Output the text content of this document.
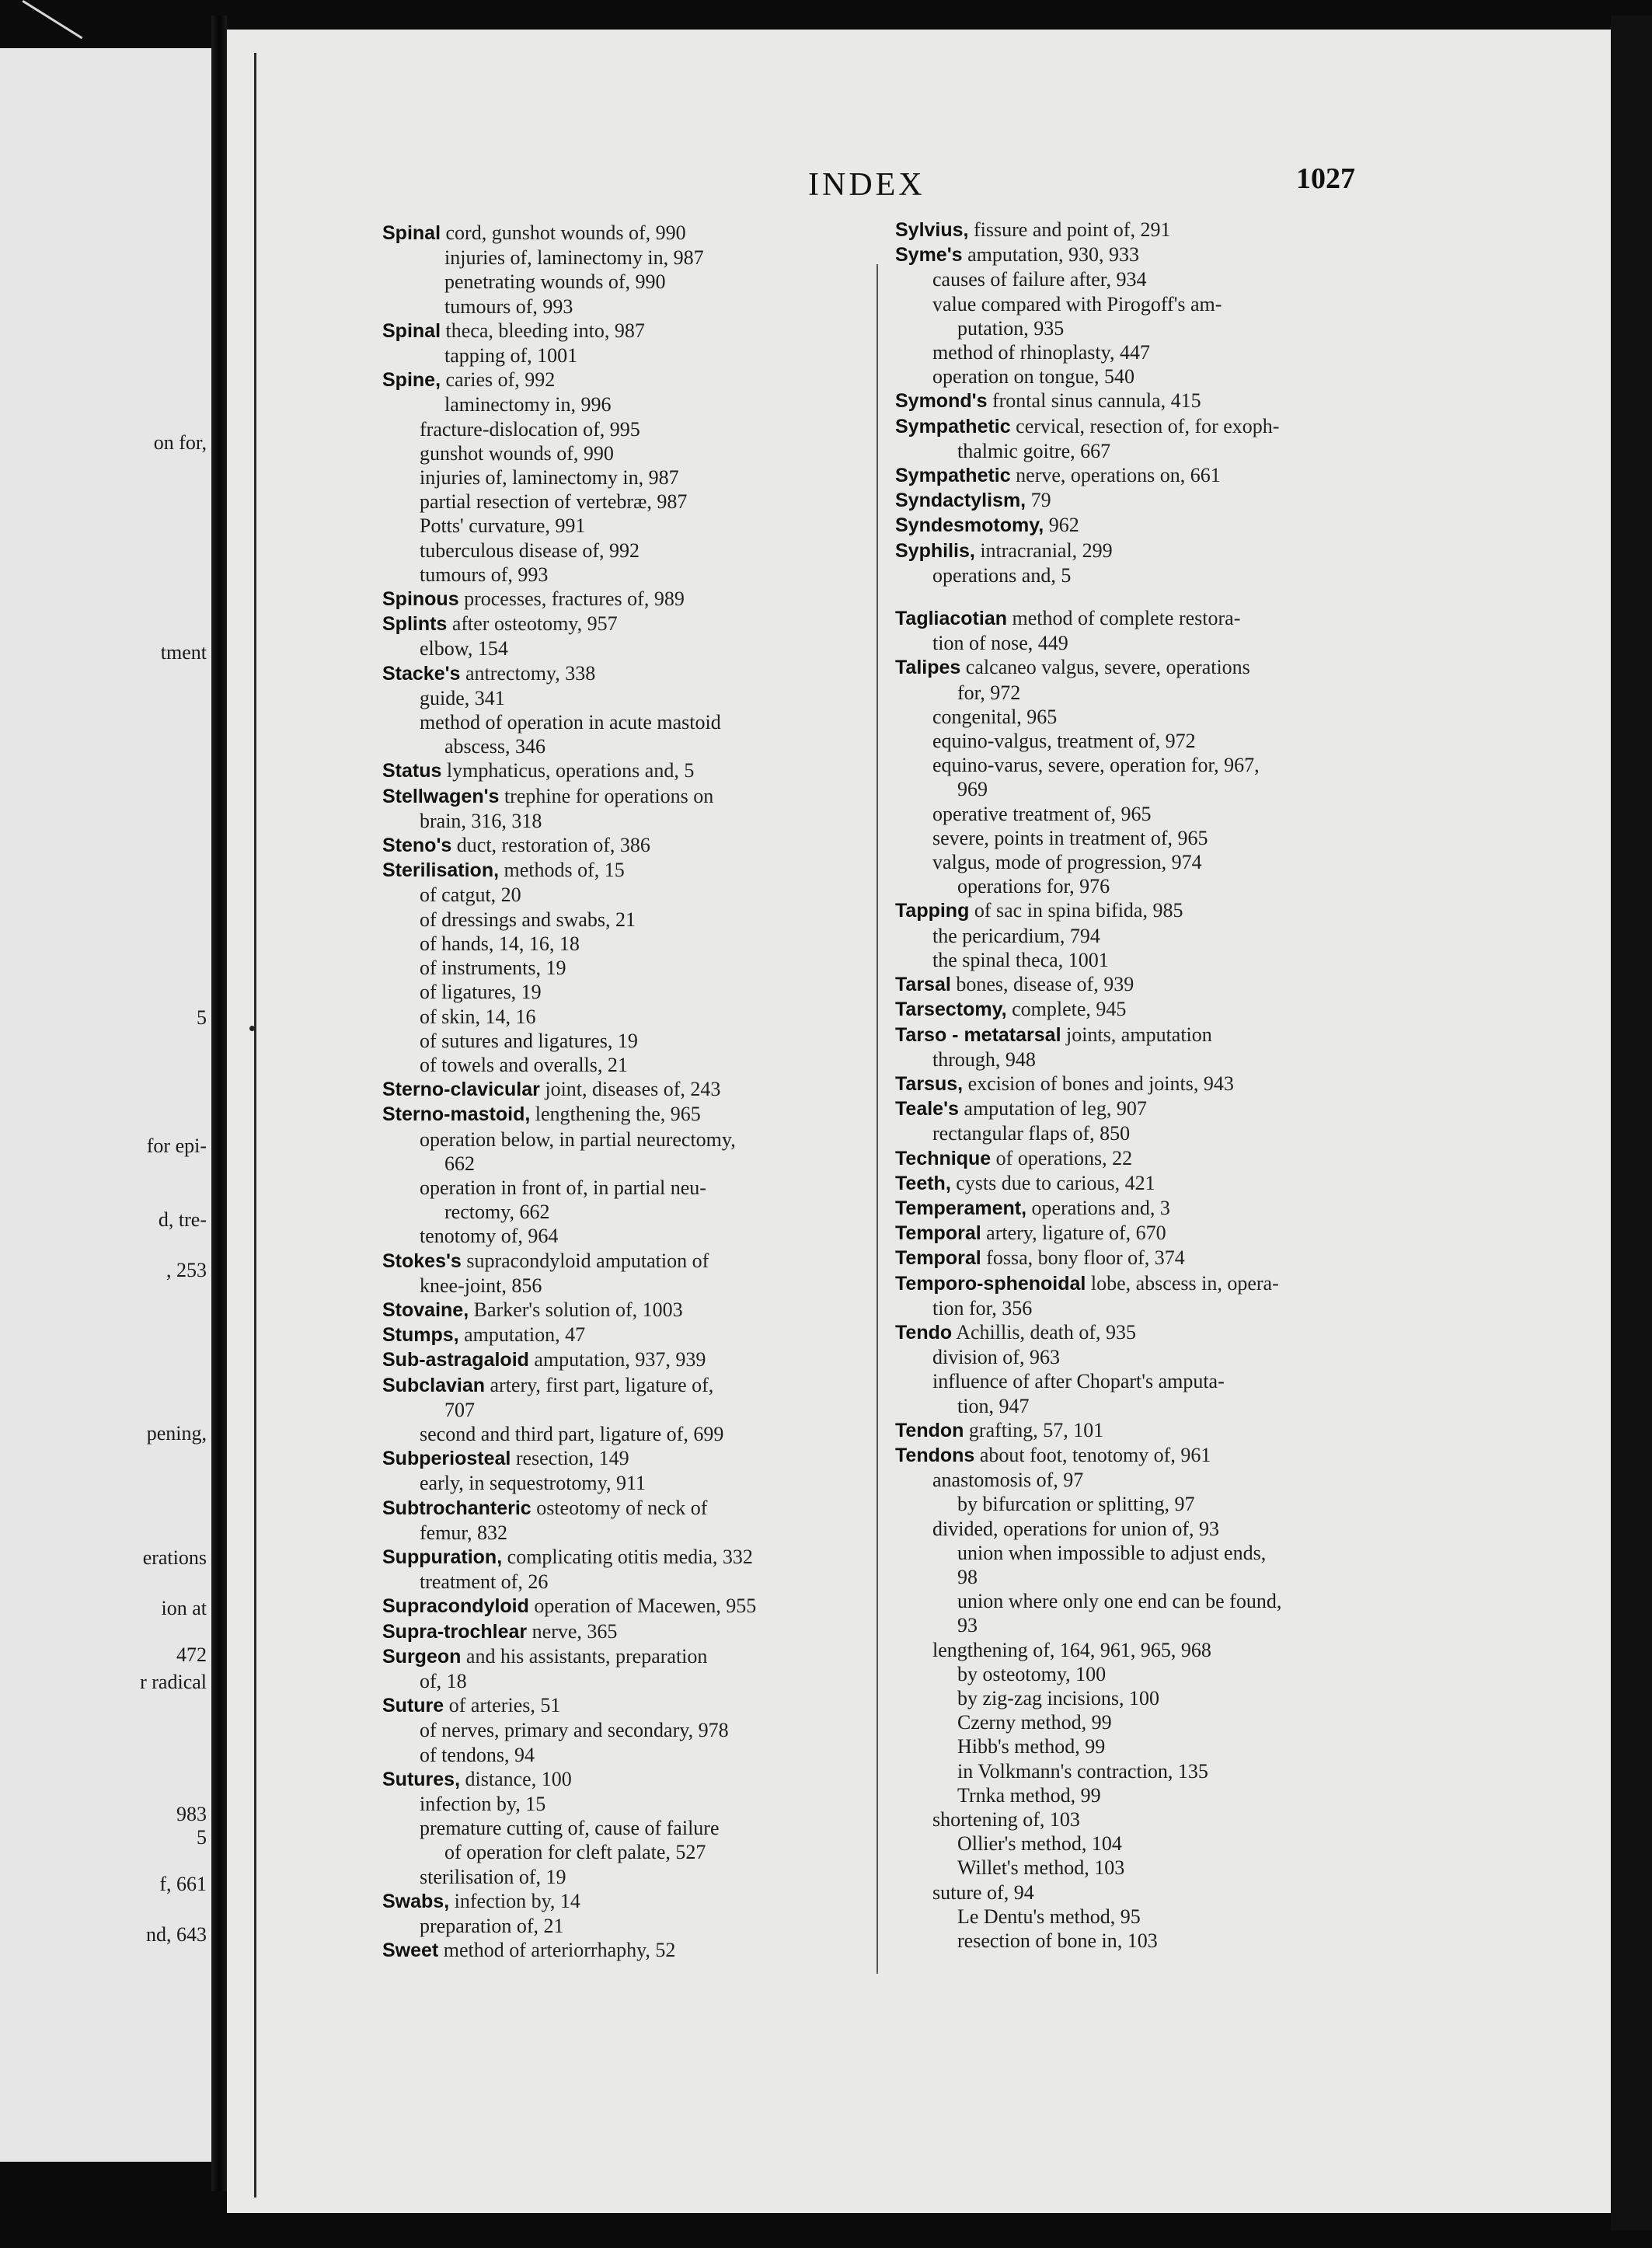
on for,
tment
5
for epi-
d, tre-
, 253
pening,
erations
ion at
472
r radical
983
5
f, 661
nd, 643
INDEX	1027
Spinal cord, gunshot wounds of, 990
injuries of, laminectomy in, 987
penetrating wounds of, 990
tumours of, 993
Spinal theca, bleeding into, 987
tapping of, 1001
Spine, caries of, 992
laminectomy in, 996
fracture-dislocation of, 995
gunshot wounds of, 990
injuries of, laminectomy in, 987
partial resection of vertebræ, 987
Potts' curvature, 991
tuberculous disease of, 992
tumours of, 993
Spinous processes, fractures of, 989
Splints after osteotomy, 957
elbow, 154
Stacke's antrectomy, 338
guide, 341
method of operation in acute mastoid
abscess, 346
Status lymphaticus, operations and, 5
Stellwagen's trephine for operations on
brain, 316, 318
Steno's duct, restoration of, 386
Sterilisation, methods of, 15
of catgut, 20
of dressings and swabs, 21
of hands, 14, 16, 18
of instruments, 19
of ligatures, 19
of skin, 14, 16
of sutures and ligatures, 19
of towels and overalls, 21
Sterno-clavicular joint, diseases of, 243
Sterno-mastoid, lengthening the, 965
operation below, in partial neurectomy,
662
operation in front of, in partial neu-
rectomy, 662
tenotomy of, 964
Stokes's supracondyloid amputation of
knee-joint, 856
Stovaine, Barker's solution of, 1003
Stumps, amputation, 47
Sub-astragaloid amputation, 937, 939
Subclavian artery, first part, ligature of,
707
second and third part, ligature of, 699
Subperiosteal resection, 149
early, in sequestrotomy, 911
Subtrochanteric osteotomy of neck of
femur, 832
Suppuration, complicating otitis media, 332
treatment of, 26
Supracondyloid operation of Macewen, 955
Supra-trochlear nerve, 365
Surgeon and his assistants, preparation
of, 18
Suture of arteries, 51
of nerves, primary and secondary, 978
of tendons, 94
Sutures, distance, 100
infection by, 15
premature cutting of, cause of failure
of operation for cleft palate, 527
sterilisation of, 19
Swabs, infection by, 14
preparation of, 21
Sweet method of arteriorrhaphy, 52
Sylvius, fissure and point of, 291
Syme's amputation, 930, 933
causes of failure after, 934
value compared with Pirogoff's am-
putation, 935
method of rhinoplasty, 447
operation on tongue, 540
Symond's frontal sinus cannula, 415
Sympathetic cervical, resection of, for exoph-
thalmic goitre, 667
Sympathetic nerve, operations on, 661
Syndactylism, 79
Syndesmotomy, 962
Syphilis, intracranial, 299
operations and, 5
Tagliacotian method of complete restora-
tion of nose, 449
Talipes calcaneo valgus, severe, operations
for, 972
congenital, 965
equino-valgus, treatment of, 972
equino-varus, severe, operation for, 967,
969
operative treatment of, 965
severe, points in treatment of, 965
valgus, mode of progression, 974
operations for, 976
Tapping of sac in spina bifida, 985
the pericardium, 794
the spinal theca, 1001
Tarsal bones, disease of, 939
Tarsectomy, complete, 945
Tarso - metatarsal joints, amputation
through, 948
Tarsus, excision of bones and joints, 943
Teale's amputation of leg, 907
rectangular flaps of, 850
Technique of operations, 22
Teeth, cysts due to carious, 421
Temperament, operations and, 3
Temporal artery, ligature of, 670
Temporal fossa, bony floor of, 374
Temporo-sphenoidal lobe, abscess in, opera-
tion for, 356
Tendo Achillis, death of, 935
division of, 963
influence of after Chopart's amputa-
tion, 947
Tendon grafting, 57, 101
Tendons about foot, tenotomy of, 961
anastomosis of, 97
by bifurcation or splitting, 97
divided, operations for union of, 93
union when impossible to adjust ends,
98
union where only one end can be found,
93
lengthening of, 164, 961, 965, 968
by osteotomy, 100
by zig-zag incisions, 100
Czerny method, 99
Hibb's method, 99
in Volkmann's contraction, 135
Trnka method, 99
shortening of, 103
Ollier's method, 104
Willet's method, 103
suture of, 94
Le Dentu's method, 95
resection of bone in, 103
